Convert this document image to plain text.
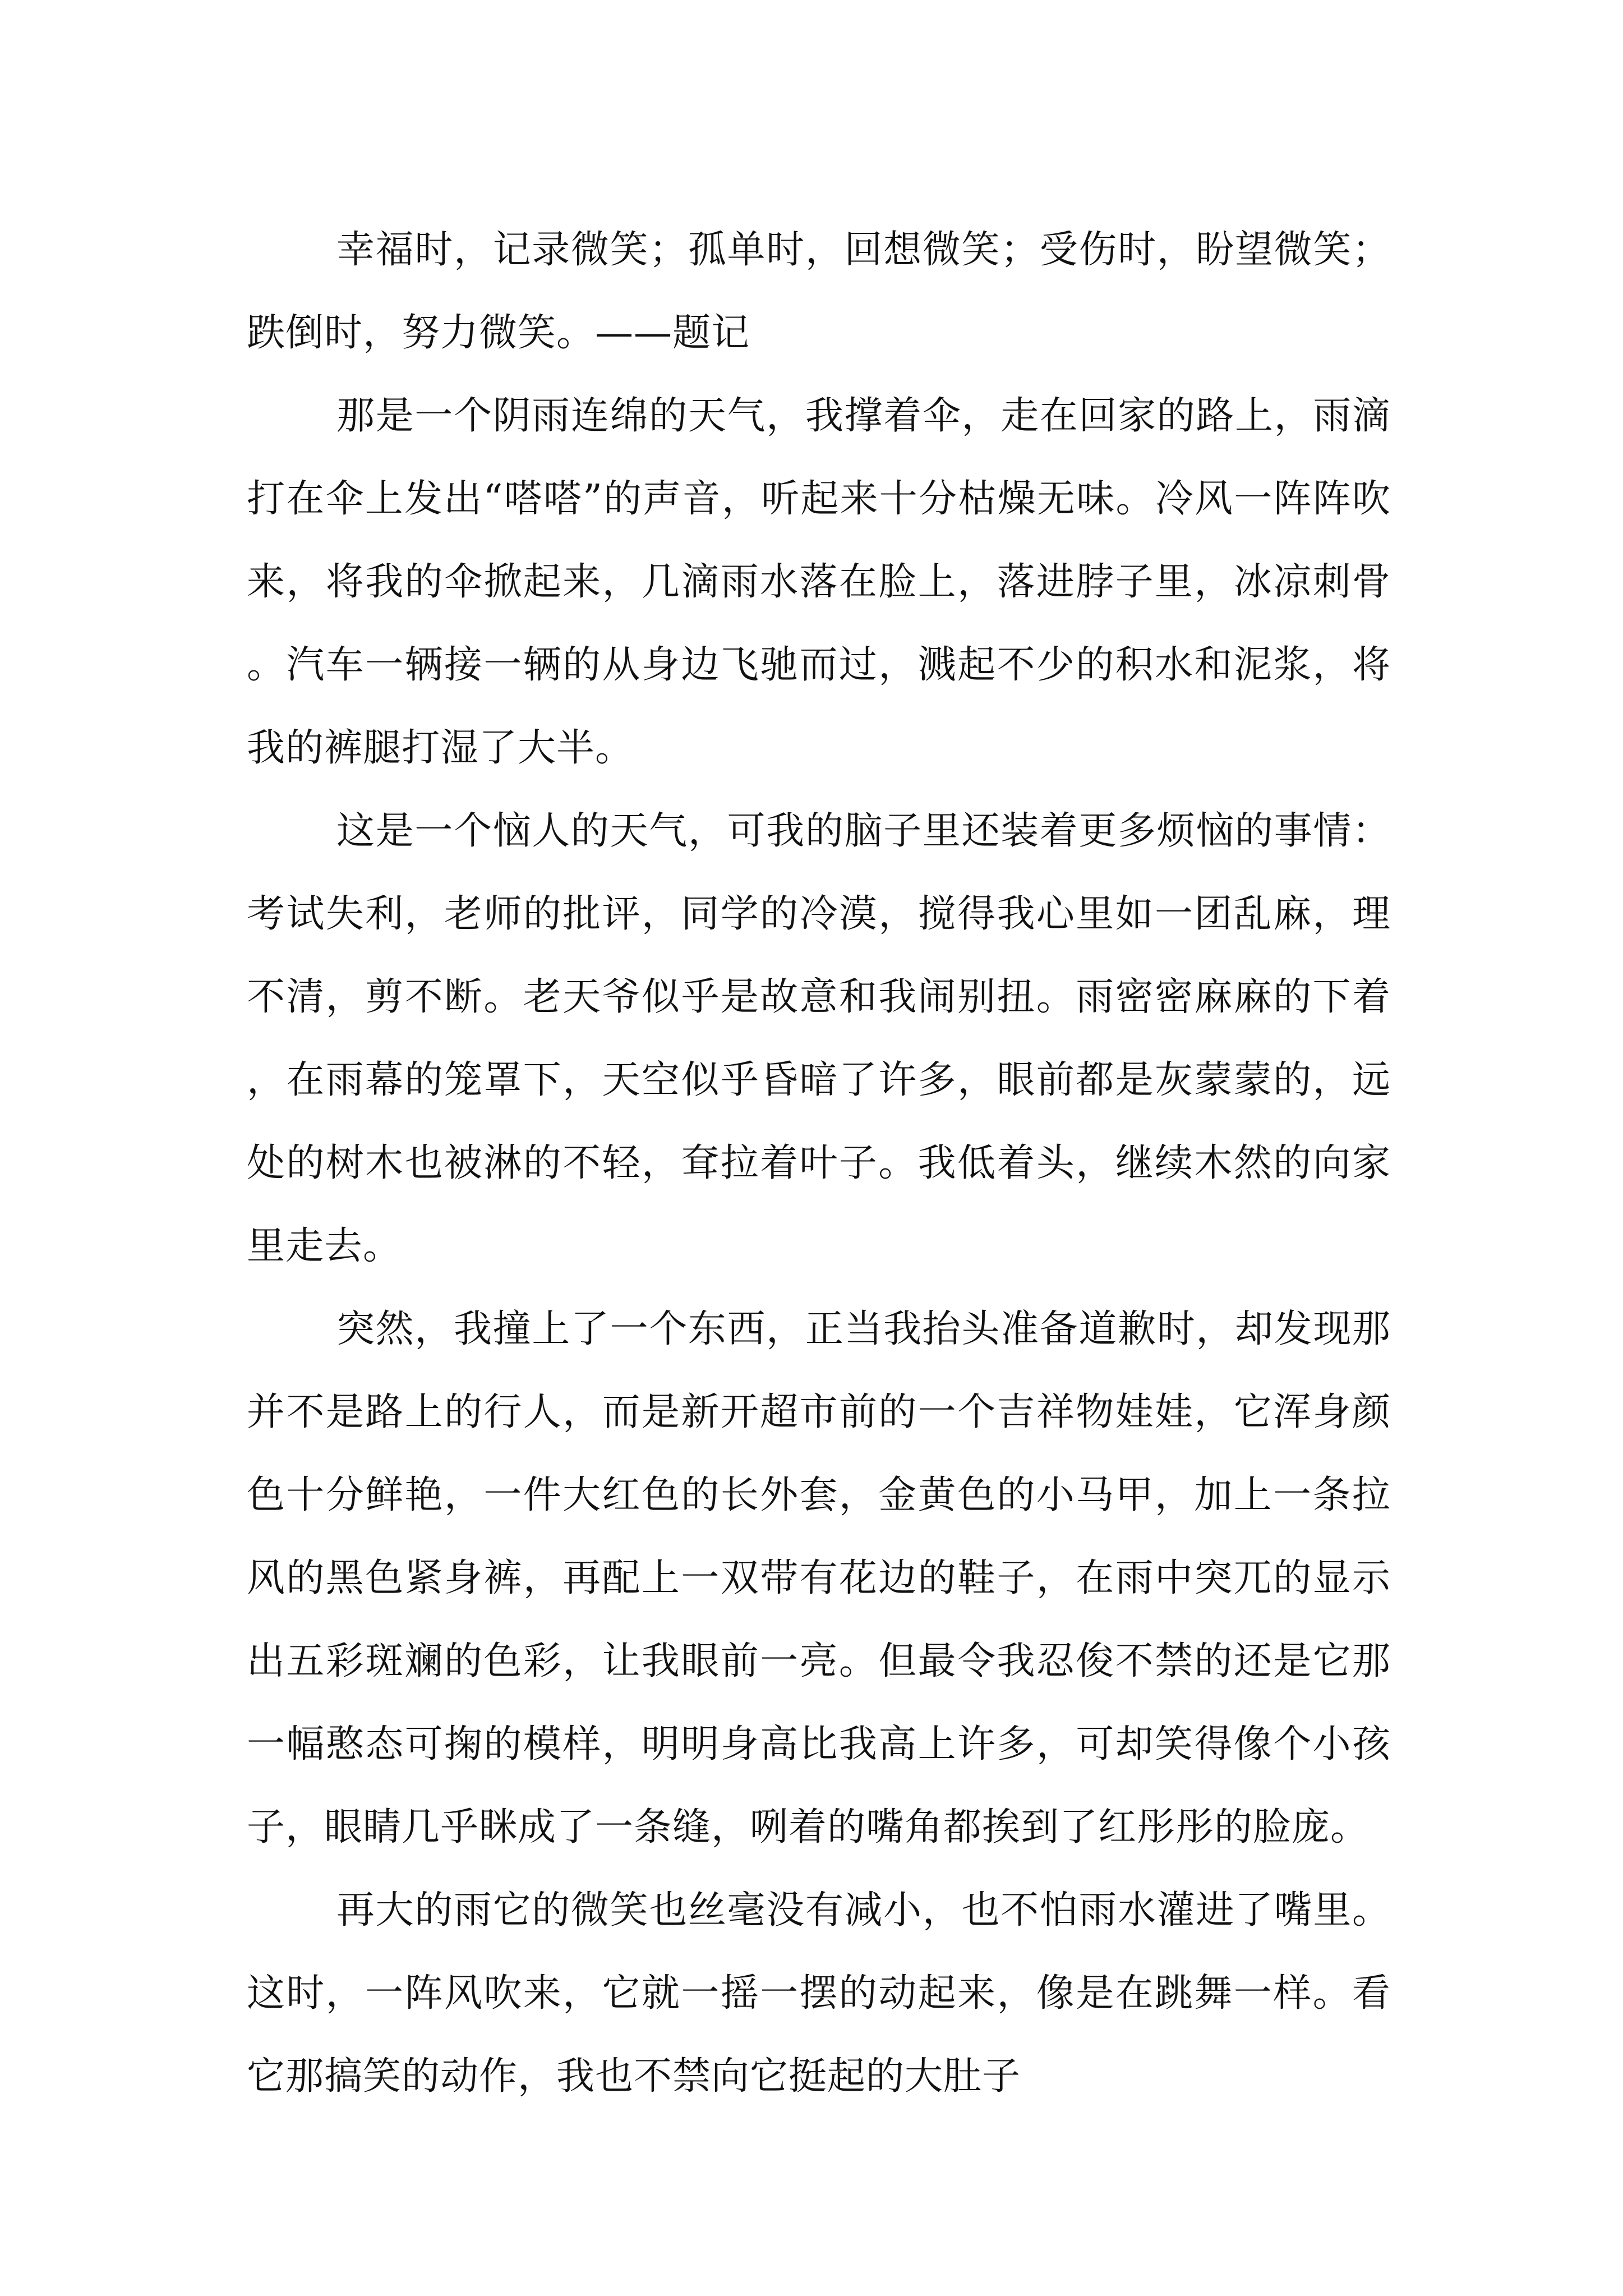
幸福时，记录微笑；孤单时，回想微笑；受伤时，盼望微笑；跌倒时，努力微笑。——题记

那是一个阴雨连绵的天气，我撑着伞，走在回家的路上，雨滴打在伞上发出“嗒嗒”的声音，听起来十分枯燥无味。冷风一阵阵吹来，将我的伞掀起来，几滴雨水落在脸上，落进脖子里，冰凉刺骨。汽车一辆接一辆的从身边飞驰而过，溅起不少的积水和泥浆，将我的裤腿打湿了大半。

这是一个恼人的天气，可我的脑子里还装着更多烦恼的事情：考试失利，老师的批评，同学的冷漠，搅得我心里如一团乱麻，理不清，剪不断。老天爷似乎是故意和我闹别扭。雨密密麻麻的下着，在雨幕的笼罩下，天空似乎昏暗了许多，眼前都是灰蒙蒙的，远处的树木也被淋的不轻，耷拉着叶子。我低着头，继续木然的向家里走去。

突然，我撞上了一个东西，正当我抬头准备道歉时，却发现那并不是路上的行人，而是新开超市前的一个吉祥物娃娃，它浑身颜色十分鲜艳，一件大红色的长外套，金黄色的小马甲，加上一条拉风的黑色紧身裤，再配上一双带有花边的鞋子，在雨中突兀的显示出五彩斑斓的色彩，让我眼前一亮。但最令我忍俊不禁的还是它那一幅憨态可掬的模样，明明身高比我高上许多，可却笑得像个小孩子，眼睛几乎眯成了一条缝，咧着的嘴角都挨到了红彤彤的脸庞。

再大的雨它的微笑也丝毫没有减小，也不怕雨水灌进了嘴里。这时，一阵风吹来，它就一摇一摆的动起来，像是在跳舞一样。看它那搞笑的动作，我也不禁向它挺起的大肚子
